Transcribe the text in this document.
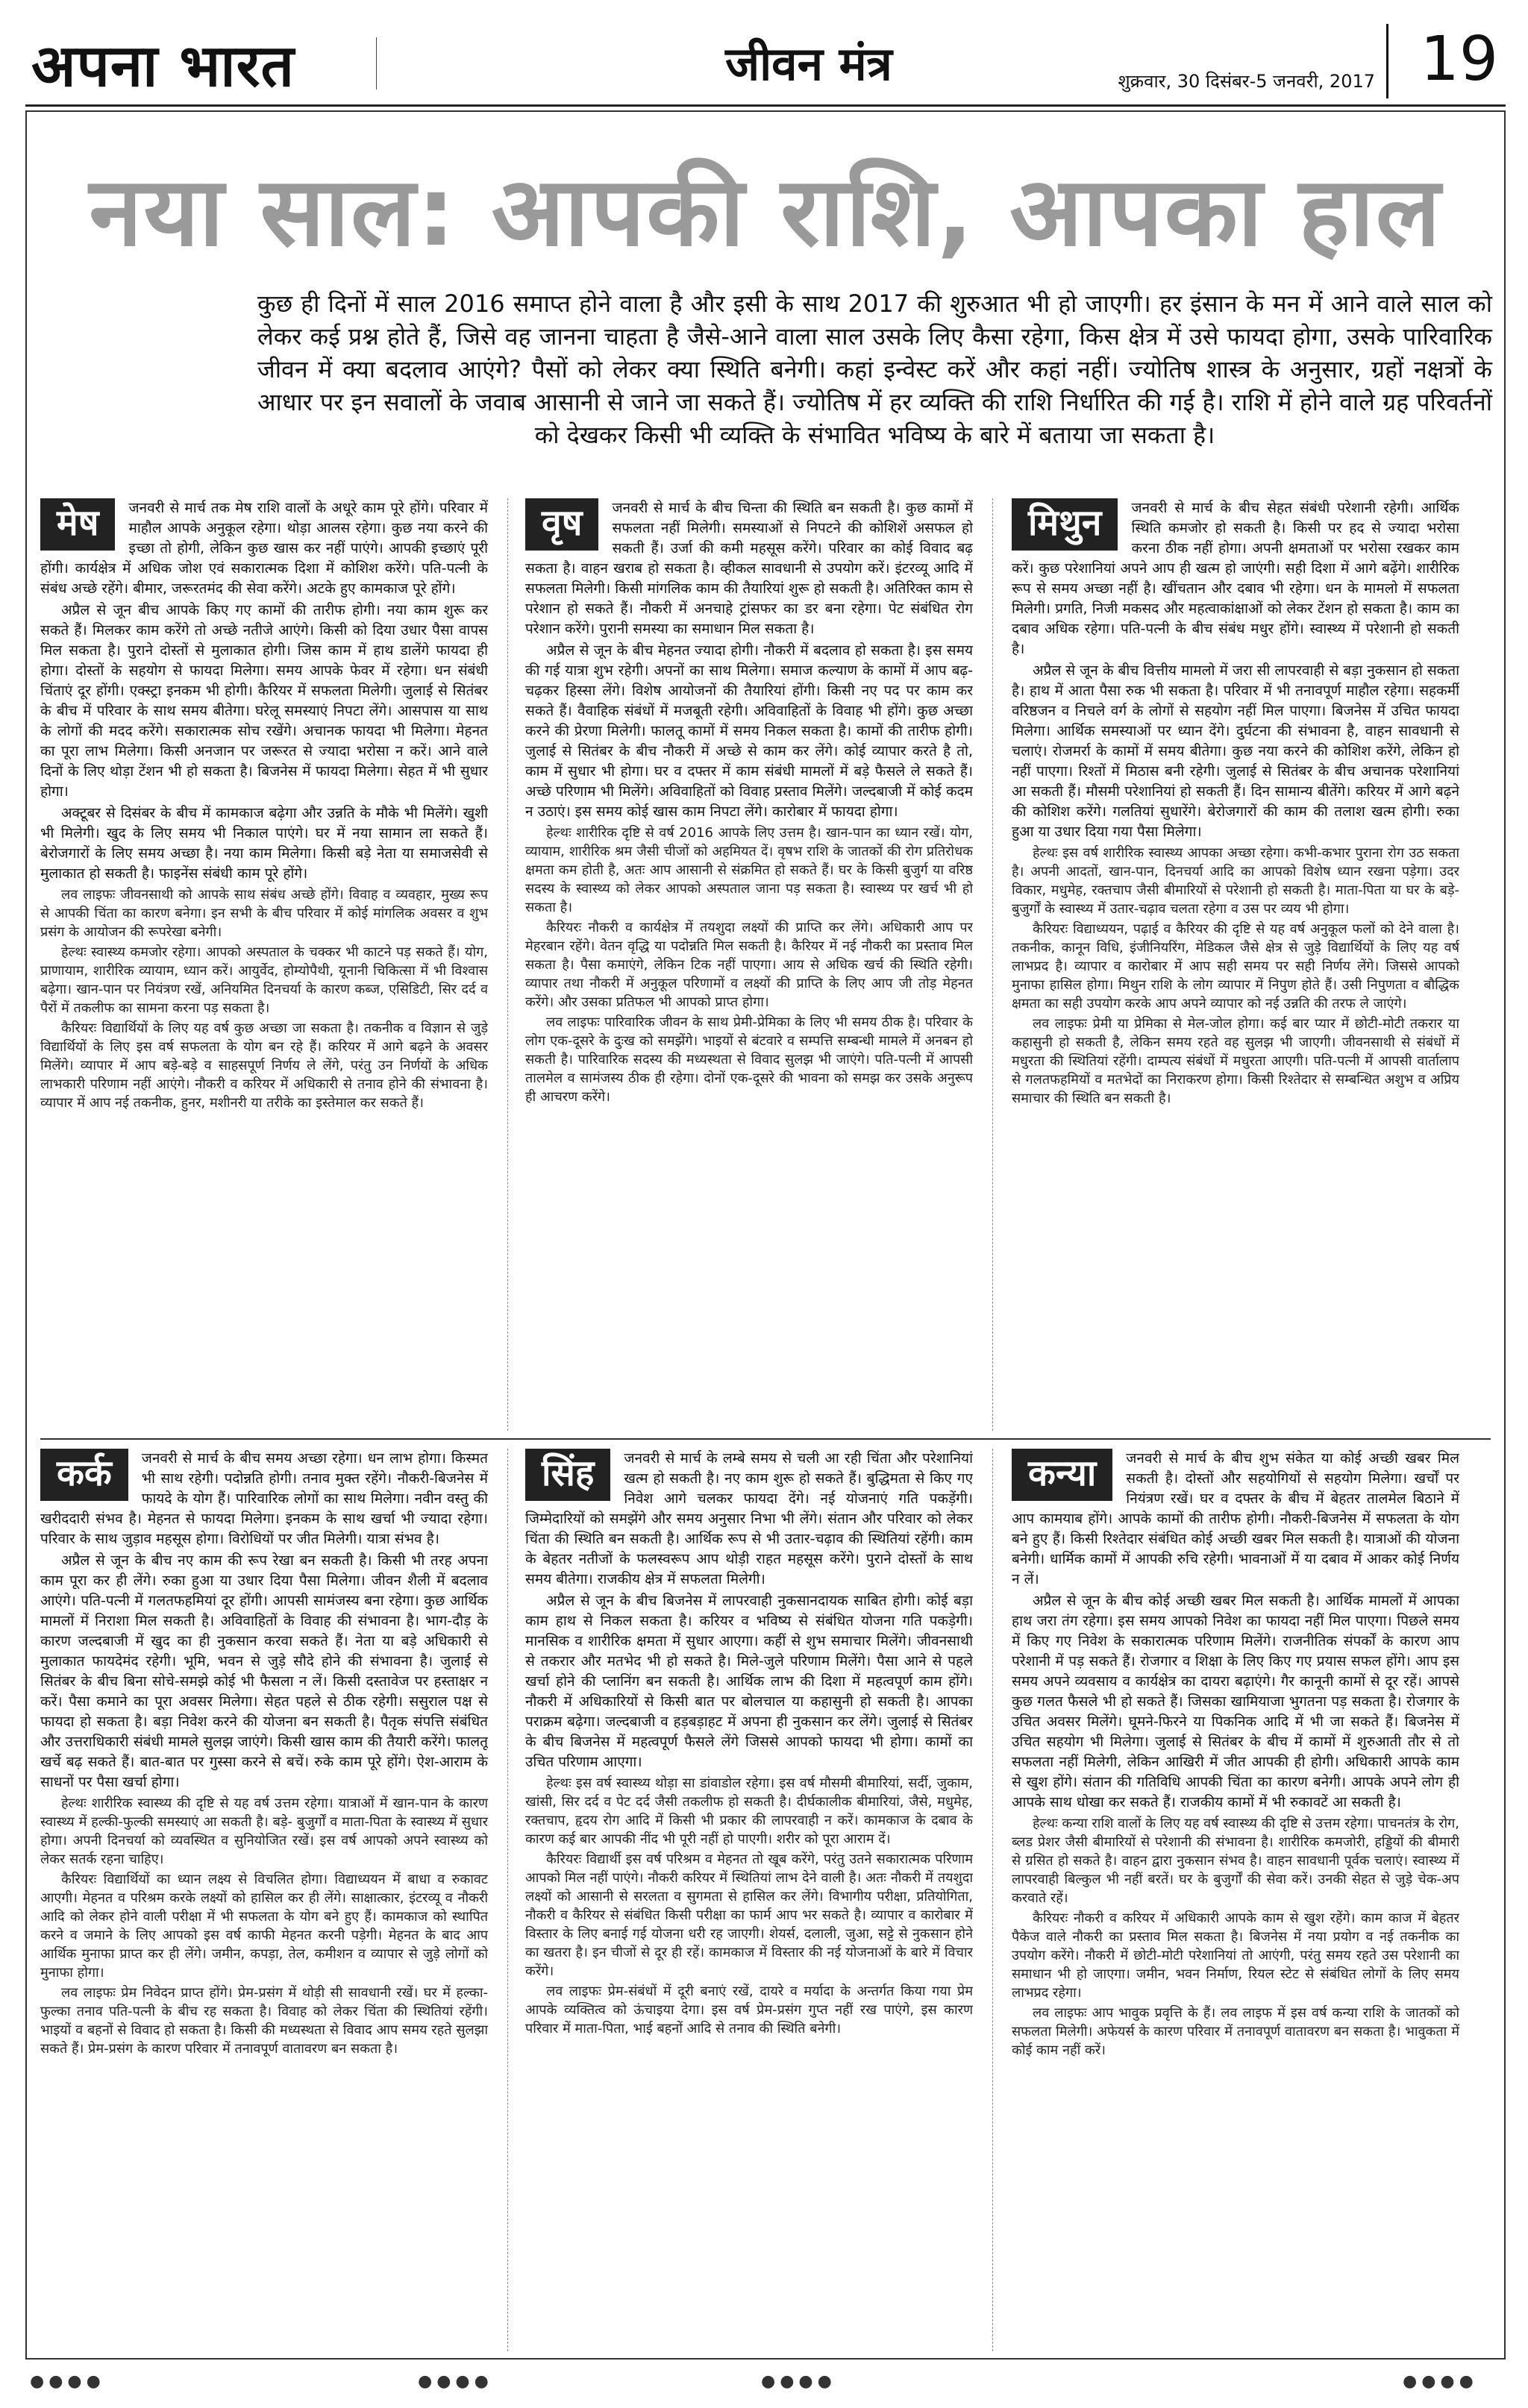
अपना भारत	जीवन मंत्र	शुक्रवार, 30 दिसंबर-5 जनवरी, 2017 19
नया साल: आपकी राशि, आपका हाल
कुछ ही दिनों में साल 2016 समाप्त होने वाला है और इसी के साथ 2017 की शुरुआत भी हो जाएगी। हर इंसान के मन में आने वाले साल को लेकर कई प्रश्न होते हैं, जिसे वह जानना चाहता है जैसे-आने वाला साल उसके लिए कैसा रहेगा, किस क्षेत्र में उसे फायदा होगा, उसके पारिवारिक जीवन में क्या बदलाव आएंगे? पैसों को लेकर क्या स्थिति बनेगी। कहां इन्वेस्ट करें और कहां नहीं। ज्योतिष शास्त्र के अनुसार, ग्रहों नक्षत्रों के आधार पर इन सवालों के जवाब आसानी से जाने जा सकते हैं। ज्योतिष में हर व्यक्ति की राशि निर्धारित की गई है। राशि में होने वाले ग्रह परिवर्तनों को देखकर किसी भी व्यक्ति के संभावित भविष्य के बारे में बताया जा सकता है।
मेष	जनवरी से मार्च तक मेष राशि वालों के अधूरे काम पूरे होंगे। परिवार में माहौल आपके अनुकूल रहेगा। थोड़ा आलस रहेगा। कुछ नया करने की इच्छा तो होगी, लेकिन कुछ खास कर नहीं पाएंगे। आपकी इच्छाएं पूरी होंगी। कार्यक्षेत्र में अधिक जोश एवं सकारात्मक दिशा में कोशिश करेंगे। पति-पत्नी के संबंध अच्छे रहेंगे। बीमार, जरूरतमंद की सेवा करेंगे। अटके हुए कामकाज पूरे होंगे।

अप्रैल से जून बीच आपके किए गए कामों की तारीफ होगी। नया काम शुरू कर सकते हैं। मिलकर काम करेंगे तो अच्छे नतीजे आएंगे। किसी को दिया उधार पैसा वापस मिल सकता है। पुराने दोस्तों से मुलाकात होगी। जिस काम में हाथ डालेंगे फायदा ही होगा। दोस्तों के सहयोग से फायदा मिलेगा। समय आपके फेवर में रहेगा। धन संबंधी चिंताएं दूर होंगी। एक्स्ट्रा इनकम भी होगी। कैरियर में सफलता मिलेगी। जुलाई से सितंबर के बीच में परिवार के साथ समय बीतेगा। घरेलू समस्याएं निपटा लेंगे। आसपास या साथ के लोगों की मदद करेंगे। सकारात्मक सोच रखेंगे। अचानक फायदा भी मिलेगा। मेहनत का पूरा लाभ मिलेगा। किसी अनजान पर जरूरत से ज्यादा भरोसा न करें। आने वाले दिनों के लिए थोड़ा टेंशन भी हो सकता है। बिजनेस में फायदा मिलेगा। सेहत में भी सुधार होगा।

अक्टूबर से दिसंबर के बीच में कामकाज बढ़ेगा और उन्नति के मौके भी मिलेंगे। खुशी भी मिलेगी। खुद के लिए समय भी निकाल पाएंगे। घर में नया सामान ला सकते हैं। बेरोजगारों के लिए समय अच्छा है। नया काम मिलेगा। किसी बड़े नेता या समाजसेवी से मुलाकात हो सकती है। फाइनेंस संबंधी काम पूरे होंगे।

लव लाइफः जीवनसाथी को आपके साथ संबंध अच्छे होंगे। विवाह व व्यवहार, मुख्य रूप से आपकी चिंता का कारण बनेगा। इन सभी के बीच परिवार में कोई मांगलिक अवसर व शुभ प्रसंग के आयोजन की रूपरेखा बनेगी।

हेल्थः स्वास्थ्य कमजोर रहेगा। आपको अस्पताल के चक्कर भी काटने पड़ सकते हैं। योग, प्राणायाम, शारीरिक व्यायाम, ध्यान करें। आयुर्वेद, होम्योपैथी, यूनानी चिकित्सा में भी विश्वास बढ़ेगा। खान-पान पर नियंत्रण रखें, अनियमित दिनचर्या के कारण कब्ज, एसिडिटी, सिर दर्द व पैरों में तकलीफ का सामना करना पड़ सकता है।

कैरियरः विद्यार्थियों के लिए यह वर्ष कुछ अच्छा जा सकता है। तकनीक व विज्ञान से जुड़े विद्यार्थियों के लिए इस वर्ष सफलता के योग बन रहे हैं। करियर में आगे बढ़ने के अवसर मिलेंगे। व्यापार में आप बड़े-बड़े व साहसपूर्ण निर्णय ले लेंगे, परंतु उन निर्णयों के अधिक लाभकारी परिणाम नहीं आएंगे। नौकरी व करियर में अधिकारी से तनाव होने की संभावना है। व्यापार में आप नई तकनीक, हुनर, मशीनरी या तरीके का इस्तेमाल कर सकते हैं।

वृष	जनवरी से मार्च के बीच चिन्ता की स्थिति बन सकती है। कुछ कामों में सफलता नहीं मिलेगी। समस्याओं से निपटने की कोशिशें असफल हो सकती हैं। उर्जा की कमी महसूस करेंगे। परिवार का कोई विवाद बढ़ सकता है। वाहन खराब हो सकता है। व्हीकल सावधानी से उपयोग करें। इंटरव्यू आदि में सफलता मिलेगी। किसी मांगलिक काम की तैयारियां शुरू हो सकती है। अतिरिक्त काम से परेशान हो सकते हैं। नौकरी में अनचाहे ट्रांसफर का डर बना रहेगा। पेट संबंधित रोग परेशान करेंगे। पुरानी समस्या का समाधान मिल सकता है।

अप्रैल से जून के बीच मेहनत ज्यादा होगी। नौकरी में बदलाव हो सकता है। इस समय की गई यात्रा शुभ रहेगी। अपनों का साथ मिलेगा। समाज कल्याण के कामों में आप बढ़-चढ़कर हिस्सा लेंगे। विशेष आयोजनों की तैयारियां होंगी। किसी नए पद पर काम कर सकते हैं। वैवाहिक संबंधों में मजबूती रहेगी। अविवाहितों के विवाह भी होंगे। कुछ अच्छा करने की प्रेरणा मिलेगी। फालतू कामों में समय निकल सकता है। कामों की तारीफ होगी। जुलाई से सितंबर के बीच नौकरी में अच्छे से काम कर लेंगे। कोई व्यापार करते है तो, काम में सुधार भी होगा। घर व दफ्तर में काम संबंधी मामलों में बड़े फैसले ले सकते हैं। अच्छे परिणाम भी मिलेंगे। अविवाहितों को विवाह प्रस्ताव मिलेंगे। जल्दबाजी में कोई कदम न उठाएं। इस समय कोई खास काम निपटा लेंगे। कारोबार में फायदा होगा।

हेल्थः शारीरिक दृष्टि से वर्ष 2016 आपके लिए उत्तम है। खान-पान का ध्यान रखें। योग, व्यायाम, शारीरिक श्रम जैसी चीजों को अहमियत दें। वृषभ राशि के जातकों की रोग प्रतिरोधक क्षमता कम होती है, अतः आप आसानी से संक्रमित हो सकते हैं। घर के किसी बुजुर्ग या वरिष्ठ सदस्य के स्वास्थ्य को लेकर आपको अस्पताल जाना पड़ सकता है। स्वास्थ्य पर खर्च भी हो सकता है।

कैरियरः नौकरी व कार्यक्षेत्र में तयशुदा लक्ष्यों की प्राप्ति कर लेंगे। अधिकारी आप पर मेहरबान रहेंगे। वेतन वृद्धि या पदोन्नति मिल सकती है। कैरियर में नई नौकरी का प्रस्ताव मिल सकता है। पैसा कमाएंगे, लेकिन टिक नहीं पाएगा। आय से अधिक खर्च की स्थिति रहेगी। व्यापार तथा नौकरी में अनुकूल परिणामों व लक्ष्यों की प्राप्ति के लिए आप जी तोड़ मेहनत करेंगे। और उसका प्रतिफल भी आपको प्राप्त होगा।

लव लाइफः पारिवारिक जीवन के साथ प्रेमी-प्रेमिका के लिए भी समय ठीक है। परिवार के लोग एक-दूसरे के दुःख को समझेंगे। भाइयों से बंटवारे व सम्पत्ति सम्बन्धी मामले में अनबन हो सकती है। पारिवारिक सदस्य की मध्यस्थता से विवाद सुलझ भी जाएंगे। पति-पत्नी में आपसी तालमेल व सामंजस्य ठीक ही रहेगा। दोनों एक-दूसरे की भावना को समझ कर उसके अनुरूप ही आचरण करेंगे।

मिथुन	जनवरी से मार्च के बीच सेहत संबंधी परेशानी रहेगी। आर्थिक स्थिति कमजोर हो सकती है। किसी पर हद से ज्यादा भरोसा करना ठीक नहीं होगा। अपनी क्षमताओं पर भरोसा रखकर काम करें। कुछ परेशानियां अपने आप ही खत्म हो जाएंगी। सही दिशा में आगे बढ़ेंगे। शारीरिक रूप से समय अच्छा नहीं है। खींचतान और दबाव भी रहेगा। धन के मामलो में सफलता मिलेगी। प्रगति, निजी मकसद और महत्वाकांक्षाओं को लेकर टेंशन हो सकता है। काम का दबाव अधिक रहेगा। पति-पत्नी के बीच संबंध मधुर होंगे। स्वास्थ्य में परेशानी हो सकती है।

अप्रैल से जून के बीच वित्तीय मामलो में जरा सी लापरवाही से बड़ा नुकसान हो सकता है। हाथ में आता पैसा रुक भी सकता है। परिवार में भी तनावपूर्ण माहौल रहेगा। सहकर्मी वरिष्ठजन व निचले वर्ग के लोगों से सहयोग नहीं मिल पाएगा। बिजनेस में उचित फायदा मिलेगा। आर्थिक समस्याओं पर ध्यान देंगे। दुर्घटना की संभावना है, वाहन सावधानी से चलाएं। रोजमर्रा के कामों में समय बीतेगा। कुछ नया करने की कोशिश करेंगे, लेकिन हो नहीं पाएगा। रिश्तों में मिठास बनी रहेगी। जुलाई से सितंबर के बीच अचानक परेशानियां आ सकती हैं। मौसमी परेशानियां हो सकती हैं। दिन सामान्य बीतेंगे। करियर में आगे बढ़ने की कोशिश करेंगे। गलतियां सुधारेंगे। बेरोजगारों की काम की तलाश खत्म होगी। रुका हुआ या उधार दिया गया पैसा मिलेगा।

हेल्थः इस वर्ष शारीरिक स्वास्थ्य आपका अच्छा रहेगा। कभी-कभार पुराना रोग उठ सकता है। अपनी आदतों, खान-पान, दिनचर्या आदि का आपको विशेष ध्यान रखना पड़ेगा। उदर विकार, मधुमेह, रक्तचाप जैसी बीमारियों से परेशानी हो सकती है। माता-पिता या घर के बड़े-बुजुर्गों के स्वास्थ्य में उतार-चढ़ाव चलता रहेगा व उस पर व्यय भी होगा।

कैरियरः विद्याध्ययन, पढ़ाई व कैरियर की दृष्टि से यह वर्ष अनुकूल फलों को देने वाला है। तकनीक, कानून विधि, इंजीनियरिंग, मेडिकल जैसे क्षेत्र से जुड़े विद्यार्थियों के लिए यह वर्ष लाभप्रद है। व्यापार व कारोबार में आप सही समय पर सही निर्णय लेंगे। जिससे आपको मुनाफा हासिल होगा। मिथुन राशि के लोग व्यापार में निपुण होते हैं। उसी निपुणता व बौद्धिक क्षमता का सही उपयोग करके आप अपने व्यापार को नई उन्नति की तरफ ले जाएंगे।

लव लाइफः प्रेमी या प्रेमिका से मेल-जोल होगा। कई बार प्यार में छोटी-मोटी तकरार या कहासुनी हो सकती है, लेकिन समय रहते वह सुलझ भी जाएगी। जीवनसाथी से संबंधों में मधुरता की स्थितियां रहेंगी। दाम्पत्य संबंधों में मधुरता आएगी। पति-पत्नी में आपसी वार्तालाप से गलतफहमियों व मतभेदों का निराकरण होगा। किसी रिश्तेदार से सम्बन्धित अशुभ व अप्रिय समाचार की स्थिति बन सकती है।

कर्क	जनवरी से मार्च के बीच समय अच्छा रहेगा। धन लाभ होगा। किस्मत भी साथ रहेगी। पदोन्नति होगी। तनाव मुक्त रहेंगे। नौकरी-बिजनेस में फायदे के योग हैं। पारिवारिक लोगों का साथ मिलेगा। नवीन वस्तु की खरीददारी संभव है। मेहनत से फायदा मिलेगा। इनकम के साथ खर्चा भी ज्यादा रहेगा। परिवार के साथ जुड़ाव महसूस होगा। विरोधियों पर जीत मिलेगी। यात्रा संभव है।

अप्रैल से जून के बीच नए काम की रूप रेखा बन सकती है। किसी भी तरह अपना काम पूरा कर ही लेंगे। रुका हुआ या उधार दिया पैसा मिलेगा। जीवन शैली में बदलाव आएंगे। पति-पत्नी में गलतफहमियां दूर होंगी। आपसी सामंजस्य बना रहेगा। कुछ आर्थिक मामलों में निराशा मिल सकती है। अविवाहितों के विवाह की संभावना है। भाग-दौड़ के कारण जल्दबाजी में खुद का ही नुकसान करवा सकते हैं। नेता या बड़े अधिकारी से मुलाकात फायदेमंद रहेगी। भूमि, भवन से जुड़े सौदे होने की संभावना है। जुलाई से सितंबर के बीच बिना सोचे-समझे कोई भी फैसला न लें। किसी दस्तावेज पर हस्ताक्षर न करें। पैसा कमाने का पूरा अवसर मिलेगा। सेहत पहले से ठीक रहेगी। ससुराल पक्ष से फायदा हो सकता है। बड़ा निवेश करने की योजना बन सकती है। पैतृक संपत्ति संबंधित और उत्तराधिकारी संबंधी मामले सुलझ जाएंगे। किसी खास काम की तैयारी करेंगे। फालतू खर्चे बढ़ सकते हैं। बात-बात पर गुस्सा करने से बचें। रुके काम पूरे होंगे। ऐश-आराम के साधनों पर पैसा खर्चा होगा।

हेल्थः शारीरिक स्वास्थ्य की दृष्टि से यह वर्ष उत्तम रहेगा। यात्राओं में खान-पान के कारण स्वास्थ्य में हल्की-फुल्की समस्याएं आ सकती है। बड़े- बुजुर्गों व माता-पिता के स्वास्थ्य में सुधार होगा। अपनी दिनचर्या को व्यवस्थित व सुनियोजित रखें। इस वर्ष आपको अपने स्वास्थ्य को लेकर सतर्क रहना चाहिए।

कैरियरः विद्यार्थियों का ध्यान लक्ष्य से विचलित होगा। विद्याध्ययन में बाधा व रुकावट आएगी। मेहनत व परिश्रम करके लक्ष्यों को हासिल कर ही लेंगे। साक्षात्कार, इंटरव्यू व नौकरी आदि को लेकर होने वाली परीक्षा में भी सफलता के योग बने हुए हैं। कामकाज को स्थापित करने व जमाने के लिए आपको इस वर्ष काफी मेहनत करनी पड़ेगी। मेहनत के बाद आप आर्थिक मुनाफा प्राप्त कर ही लेंगे। जमीन, कपड़ा, तेल, कमीशन व व्यापार से जुड़े लोगों को मुनाफा होगा।

लव लाइफः प्रेम निवेदन प्राप्त होंगे। प्रेम-प्रसंग में थोड़ी सी सावधानी रखें। घर में हल्का-फुल्का तनाव पति-पत्नी के बीच रह सकता है। विवाह को लेकर चिंता की स्थितियां रहेंगी। भाइयों व बहनों से विवाद हो सकता है। किसी की मध्यस्थता से विवाद आप समय रहते सुलझा सकते हैं। प्रेम-प्रसंग के कारण परिवार में तनावपूर्ण वातावरण बन सकता है।

सिंह	जनवरी से मार्च के लम्बे समय से चली आ रही चिंता और परेशानियां खत्म हो सकती है। नए काम शुरू हो सकते हैं। बुद्धिमता से किए गए निवेश आगे चलकर फायदा देंगे। नई योजनाएं गति पकड़ेंगी। जिम्मेदारियों को समझेंगे और समय अनुसार निभा भी लेंगे। संतान और परिवार को लेकर चिंता की स्थिति बन सकती है। आर्थिक रूप से भी उतार-चढ़ाव की स्थितियां रहेंगी। काम के बेहतर नतीजों के फलस्वरूप आप थोड़ी राहत महसूस करेंगे। पुराने दोस्तों के साथ समय बीतेगा। राजकीय क्षेत्र में सफलता मिलेगी।

अप्रैल से जून के बीच बिजनेस में लापरवाही नुकसानदायक साबित होगी। कोई बड़ा काम हाथ से निकल सकता है। करियर व भविष्य से संबंधित योजना गति पकड़ेगी। मानसिक व शारीरिक क्षमता में सुधार आएगा। कहीं से शुभ समाचार मिलेंगे। जीवनसाथी से तकरार और मतभेद भी हो सकते है। मिले-जुले परिणाम मिलेंगे। पैसा आने से पहले खर्चा होने की प्लानिंग बन सकती है। आर्थिक लाभ की दिशा में महत्वपूर्ण काम होंगे। नौकरी में अधिकारियों से किसी बात पर बोलचाल या कहासुनी हो सकती है। आपका पराक्रम बढ़ेगा। जल्दबाजी व हड़बड़ाहट में अपना ही नुकसान कर लेंगे। जुलाई से सितंबर के बीच बिजनेस में महत्वपूर्ण फैसले लेंगे जिससे आपको फायदा भी होगा। कामों का उचित परिणाम आएगा।

हेल्थः इस वर्ष स्वास्थ्य थोड़ा सा डांवाडोल रहेगा। इस वर्ष मौसमी बीमारियां, सर्दी, जुकाम, खांसी, सिर दर्द व पेट दर्द जैसी तकलीफ हो सकती है। दीर्घकालीक बीमारियां, जैसे, मधुमेह, रक्तचाप, हृदय रोग आदि में किसी भी प्रकार की लापरवाही न करें। कामकाज के दबाव के कारण कई बार आपकी नींद भी पूरी नहीं हो पाएगी। शरीर को पूरा आराम दें।

कैरियरः विद्यार्थी इस वर्ष परिश्रम व मेहनत तो खूब करेंगे, परंतु उतने सकारात्मक परिणाम आपको मिल नहीं पाएंगे। नौकरी करियर में स्थितियां लाभ देने वाली है। अतः नौकरी में तयशुदा लक्ष्यों को आसानी से सरलता व सुगमता से हासिल कर लेंगे। विभागीय परीक्षा, प्रतियोगिता, नौकरी व कैरियर से संबंधित किसी परीक्षा का फार्म आप भर सकते है। व्यापार व कारोबार में विस्तार के लिए बनाई गई योजना धरी रह जाएगी। शेयर्स, दलाली, जुआ, सट्टे से नुकसान होने का खतरा है। इन चीजों से दूर ही रहें। कामकाज में विस्तार की नई योजनाओं के बारे में विचार करेंगे।

लव लाइफः प्रेम-संबंधों में दूरी बनाएं रखें, दायरे व मर्यादा के अन्तर्गत किया गया प्रेम आपके व्यक्तित्व को ऊंचाइया देगा। इस वर्ष प्रेम-प्रसंग गुप्त नहीं रख पाएंगे, इस कारण परिवार में माता-पिता, भाई बहनों आदि से तनाव की स्थिति बनेगी।

कन्या	जनवरी से मार्च के बीच शुभ संकेत या कोई अच्छी खबर मिल सकती है। दोस्तों और सहयोगियों से सहयोग मिलेगा। खर्चों पर नियंत्रण रखें। घर व दफ्तर के बीच में बेहतर तालमेल बिठाने में आप कामयाब होंगे। आपके कामों की तारीफ होगी। नौकरी-बिजनेस में सफलता के योग बने हुए हैं। किसी रिश्तेदार संबंधित कोई अच्छी खबर मिल सकती है। यात्राओं की योजना बनेगी। धार्मिक कामों में आपकी रुचि रहेगी। भावनाओं में या दबाव में आकर कोई निर्णय न लें।

अप्रैल से जून के बीच कोई अच्छी खबर मिल सकती है। आर्थिक मामलों में आपका हाथ जरा तंग रहेगा। इस समय आपको निवेश का फायदा नहीं मिल पाएगा। पिछले समय में किए गए निवेश के सकारात्मक परिणाम मिलेंगे। राजनीतिक संपर्कों के कारण आप परेशानी में पड़ सकते हैं। रोजगार व शिक्षा के लिए किए गए प्रयास सफल होंगे। आप इस समय अपने व्यवसाय व कार्यक्षेत्र का दायरा बढ़ाएंगे। गैर कानूनी कामों से दूर रहें। आपसे कुछ गलत फैसले भी हो सकते हैं। जिसका खामियाजा भुगतना पड़ सकता है। रोजगार के उचित अवसर मिलेंगे। घूमने-फिरने या पिकनिक आदि में भी जा सकते हैं। बिजनेस में उचित सहयोग भी मिलेगा। जुलाई से सितंबर के बीच में कामों में शुरुआती तौर से तो सफलता नहीं मिलेगी, लेकिन आखिरी में जीत आपकी ही होगी। अधिकारी आपके काम से खुश होंगे। संतान की गतिविधि आपकी चिंता का कारण बनेगी। आपके अपने लोग ही आपके साथ धोखा कर सकते हैं। राजकीय कामों में भी रुकावटें आ सकती है।

हेल्थः कन्या राशि वालों के लिए यह वर्ष स्वास्थ्य की दृष्टि से उत्तम रहेगा। पाचनतंत्र के रोग, ब्लड प्रेशर जैसी बीमारियों से परेशानी की संभावना है। शारीरिक कमजोरी, हड्डियों की बीमारी से ग्रसित हो सकते है। वाहन द्वारा नुकसान संभव है। वाहन सावधानी पूर्वक चलाएं। स्वास्थ्य में लापरवाही बिल्कुल भी नहीं बरतें। घर के बुजुर्गों की सेवा करें। उनकी सेहत से जुड़े चेक-अप करवाते रहें।

कैरियरः नौकरी व करियर में अधिकारी आपके काम से खुश रहेंगे। काम काज में बेहतर पैकेज वाले नौकरी का प्रस्ताव मिल सकता है। बिजनेस में नया प्रयोग व नई तकनीक का उपयोग करेंगे। नौकरी में छोटी-मोटी परेशानियां तो आएंगी, परंतु समय रहते उस परेशानी का समाधान भी हो जाएगा। जमीन, भवन निर्माण, रियल स्टेट से संबंधित लोगों के लिए समय लाभप्रद रहेगा।

लव लाइफः आप भावुक प्रवृत्ति के हैं। लव लाइफ में इस वर्ष कन्या राशि के जातकों को सफलता मिलेगी। अफेयर्स के कारण परिवार में तनावपूर्ण वातावरण बन सकता है। भावुकता में कोई काम नहीं करें।

●●●●	●●●●	●●●●	●●●●
